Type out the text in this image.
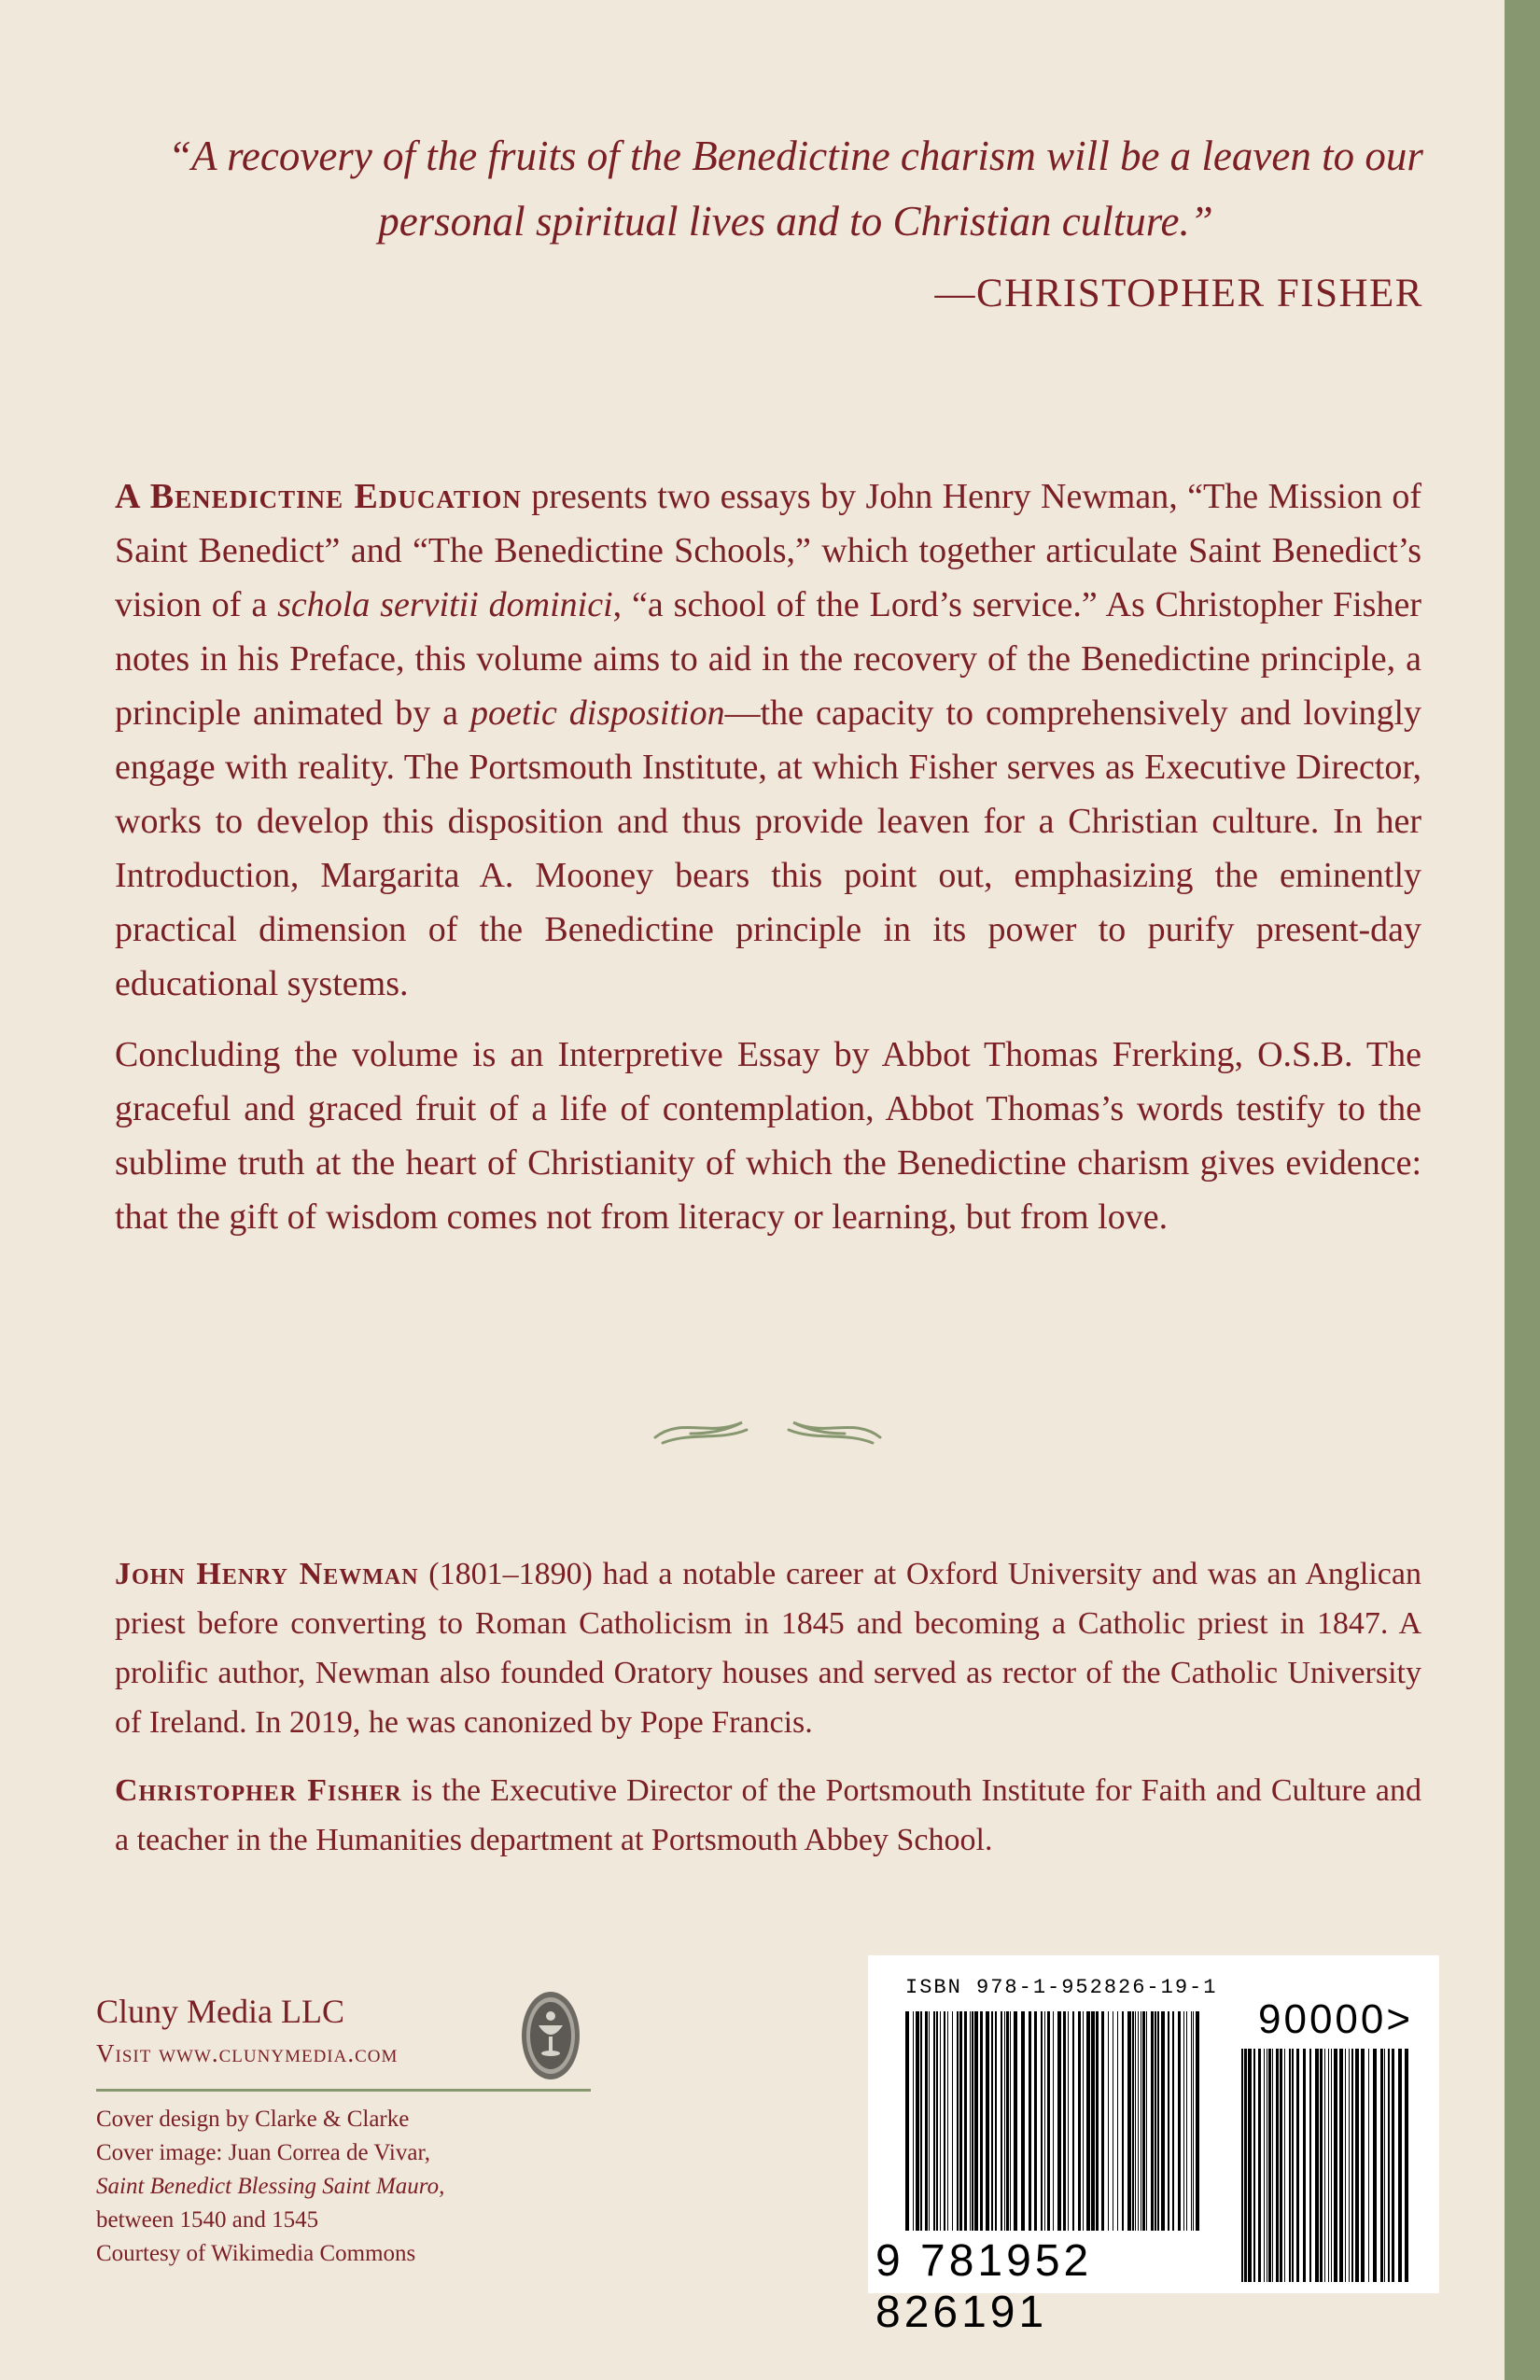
“A recovery of the fruits of the Benedictine charism will be a leaven to our personal spiritual lives and to Christian culture.”

—CHRISTOPHER FISHER

A Benedictine Education presents two essays by John Henry Newman, “The Mission of Saint Benedict” and “The Benedictine Schools,” which together articulate Saint Benedict’s vision of a schola servitii dominici, “a school of the Lord’s service.” As Christopher Fisher notes in his Preface, this volume aims to aid in the recovery of the Benedictine principle, a principle animated by a poetic disposition—the capacity to comprehensively and lovingly engage with reality. The Portsmouth Institute, at which Fisher serves as Executive Director, works to develop this disposition and thus provide leaven for a Christian culture. In her Introduction, Margarita A. Mooney bears this point out, emphasizing the eminently practical dimension of the Benedictine principle in its power to purify present-day educational systems.

Concluding the volume is an Interpretive Essay by Abbot Thomas Frerking, O.S.B. The graceful and graced fruit of a life of contemplation, Abbot Thomas’s words testify to the sublime truth at the heart of Christianity of which the Benedictine charism gives evidence: that the gift of wisdom comes not from literacy or learning, but from love.

John Henry Newman (1801–1890) had a notable career at Oxford University and was an Anglican priest before converting to Roman Catholicism in 1845 and becoming a Catholic priest in 1847. A prolific author, Newman also founded Oratory houses and served as rector of the Catholic University of Ireland. In 2019, he was canonized by Pope Francis.

Christopher Fisher is the Executive Director of the Portsmouth Institute for Faith and Culture and a teacher in the Humanities department at Portsmouth Abbey School.

Cluny Media LLC
Visit www.clunymedia.com
Cover design by Clarke & Clarke
Cover image: Juan Correa de Vivar,
Saint Benedict Blessing Saint Mauro,
between 1540 and 1545
Courtesy of Wikimedia Commons
ISBN 978-1-952826-19-1
90000>
9 781952 826191
